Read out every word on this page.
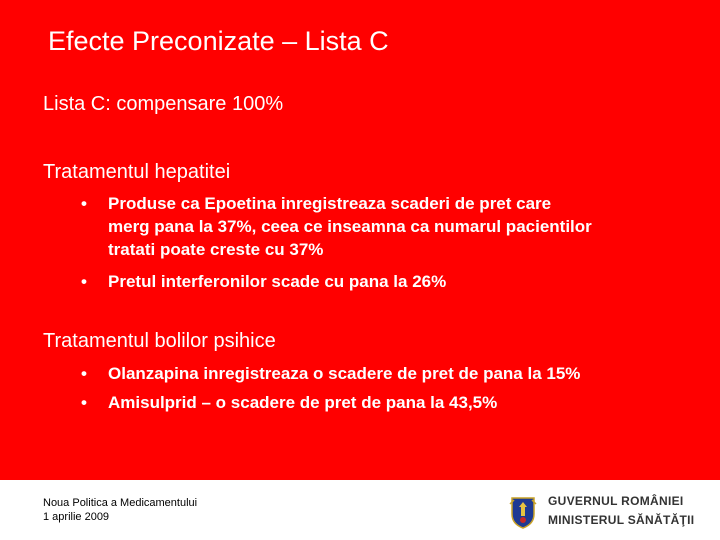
Efecte Preconizate – Lista C
Lista C: compensare 100%
Tratamentul hepatitei
• Produse ca Epoetina inregistreaza scaderi de pret care
merg pana la 37%, ceea ce inseamna ca numarul pacientilor
tratati poate creste cu 37%
• Pretul interferonilor scade cu pana la 26%
Tratamentul bolilor psihice
• Olanzapina inregistreaza o scadere de pret de pana la 15%
• Amisulprid – o scadere de pret de pana la 43,5%
Noua Politica a Medicamentului
1 aprilie 2009
GUVERNUL ROMÂNIEI
MINISTERUL SĂNĂTĂŢII
